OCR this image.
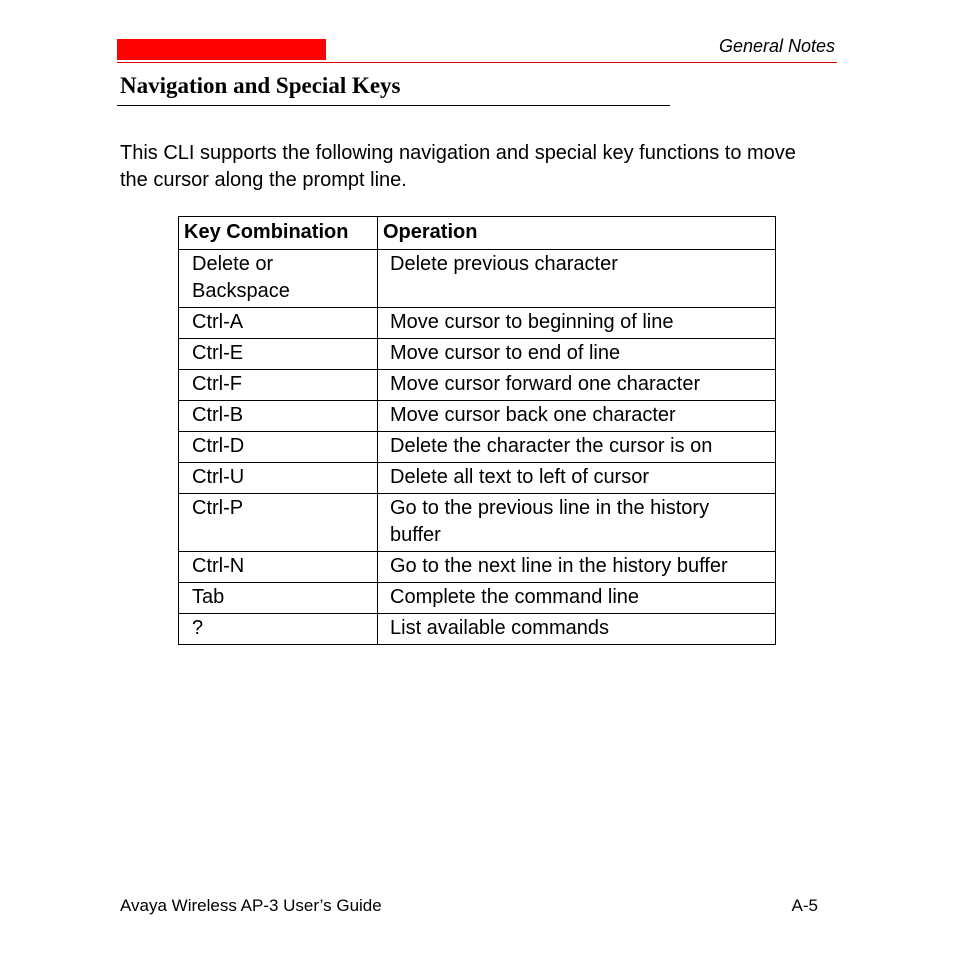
General Notes
Navigation and Special Keys

This CLI supports the following navigation and special key functions to move the cursor along the prompt line.

Key Combination	Operation
Delete or Backspace	Delete previous character
Ctrl-A	Move cursor to beginning of line
Ctrl-E	Move cursor to end of line
Ctrl-F	Move cursor forward one character
Ctrl-B	Move cursor back one character
Ctrl-D	Delete the character the cursor is on
Ctrl-U	Delete all text to left of cursor
Ctrl-P	Go to the previous line in the history buffer
Ctrl-N	Go to the next line in the history buffer
Tab	Complete the command line
?	List available commands
Avaya Wireless AP-3 User’s Guide	A-5
